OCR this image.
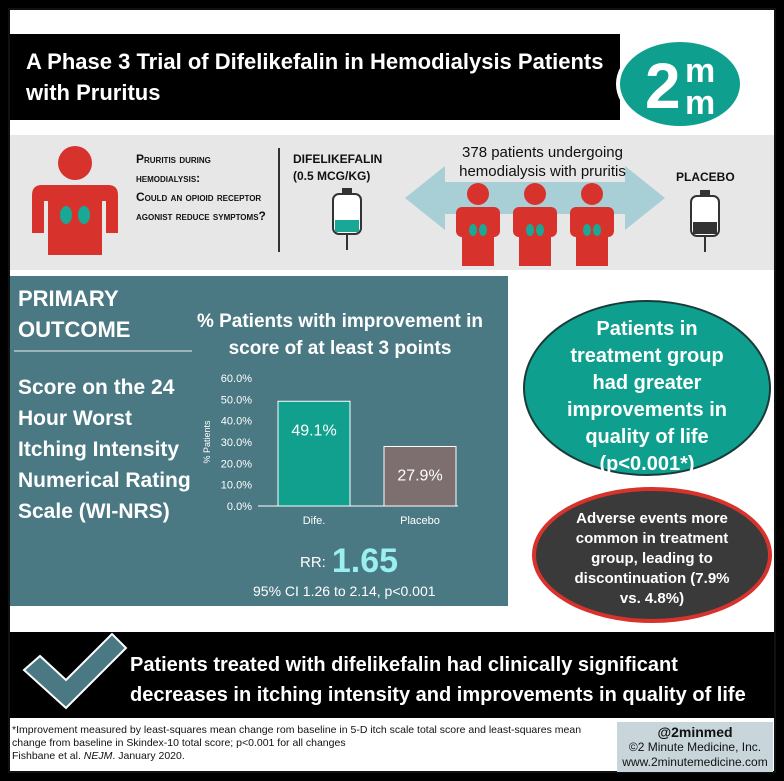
A Phase 3 Trial of Difelikefalin in Hemodialysis Patients with Pruritus	2 m
m
Pruritis during
hemodialysis:
Could an opioid receptor agonist reduce symptoms?
DIFELIKEFALIN (0.5 MCG/KG)
378 patients undergoing hemodialysis with pruritis	PLACEBO
PRIMARY OUTCOME
Score on the 24 Hour Worst Itching Intensity Numerical Rating Scale (WI-NRS)
% Patients with improvement in score of at least 3 points
0.0%
10.0%
20.0%
30.0%
40.0%
50.0%
60.0%
% Patients	49.1%
Dife.
27.9%
Placebo
RR: 1.65
95% CI 1.26 to 2.14, p<0.001
Patients in treatment group had greater improvements in quality of life (p<0.001*)
Adverse events more common in treatment group, leading to discontinuation (7.9% vs. 4.8%)
Patients treated with difelikefalin had clinically significant decreases in itching intensity and improvements in quality of life
*Improvement measured by least-squares mean change rom baseline in 5-D itch scale total score and least-squares mean change from baseline in Skindex-10 total score; p<0.001 for all changes
Fishbane et al. NEJM. January 2020.
@2minmed
©2 Minute Medicine, Inc.
www.2minutemedicine.com
